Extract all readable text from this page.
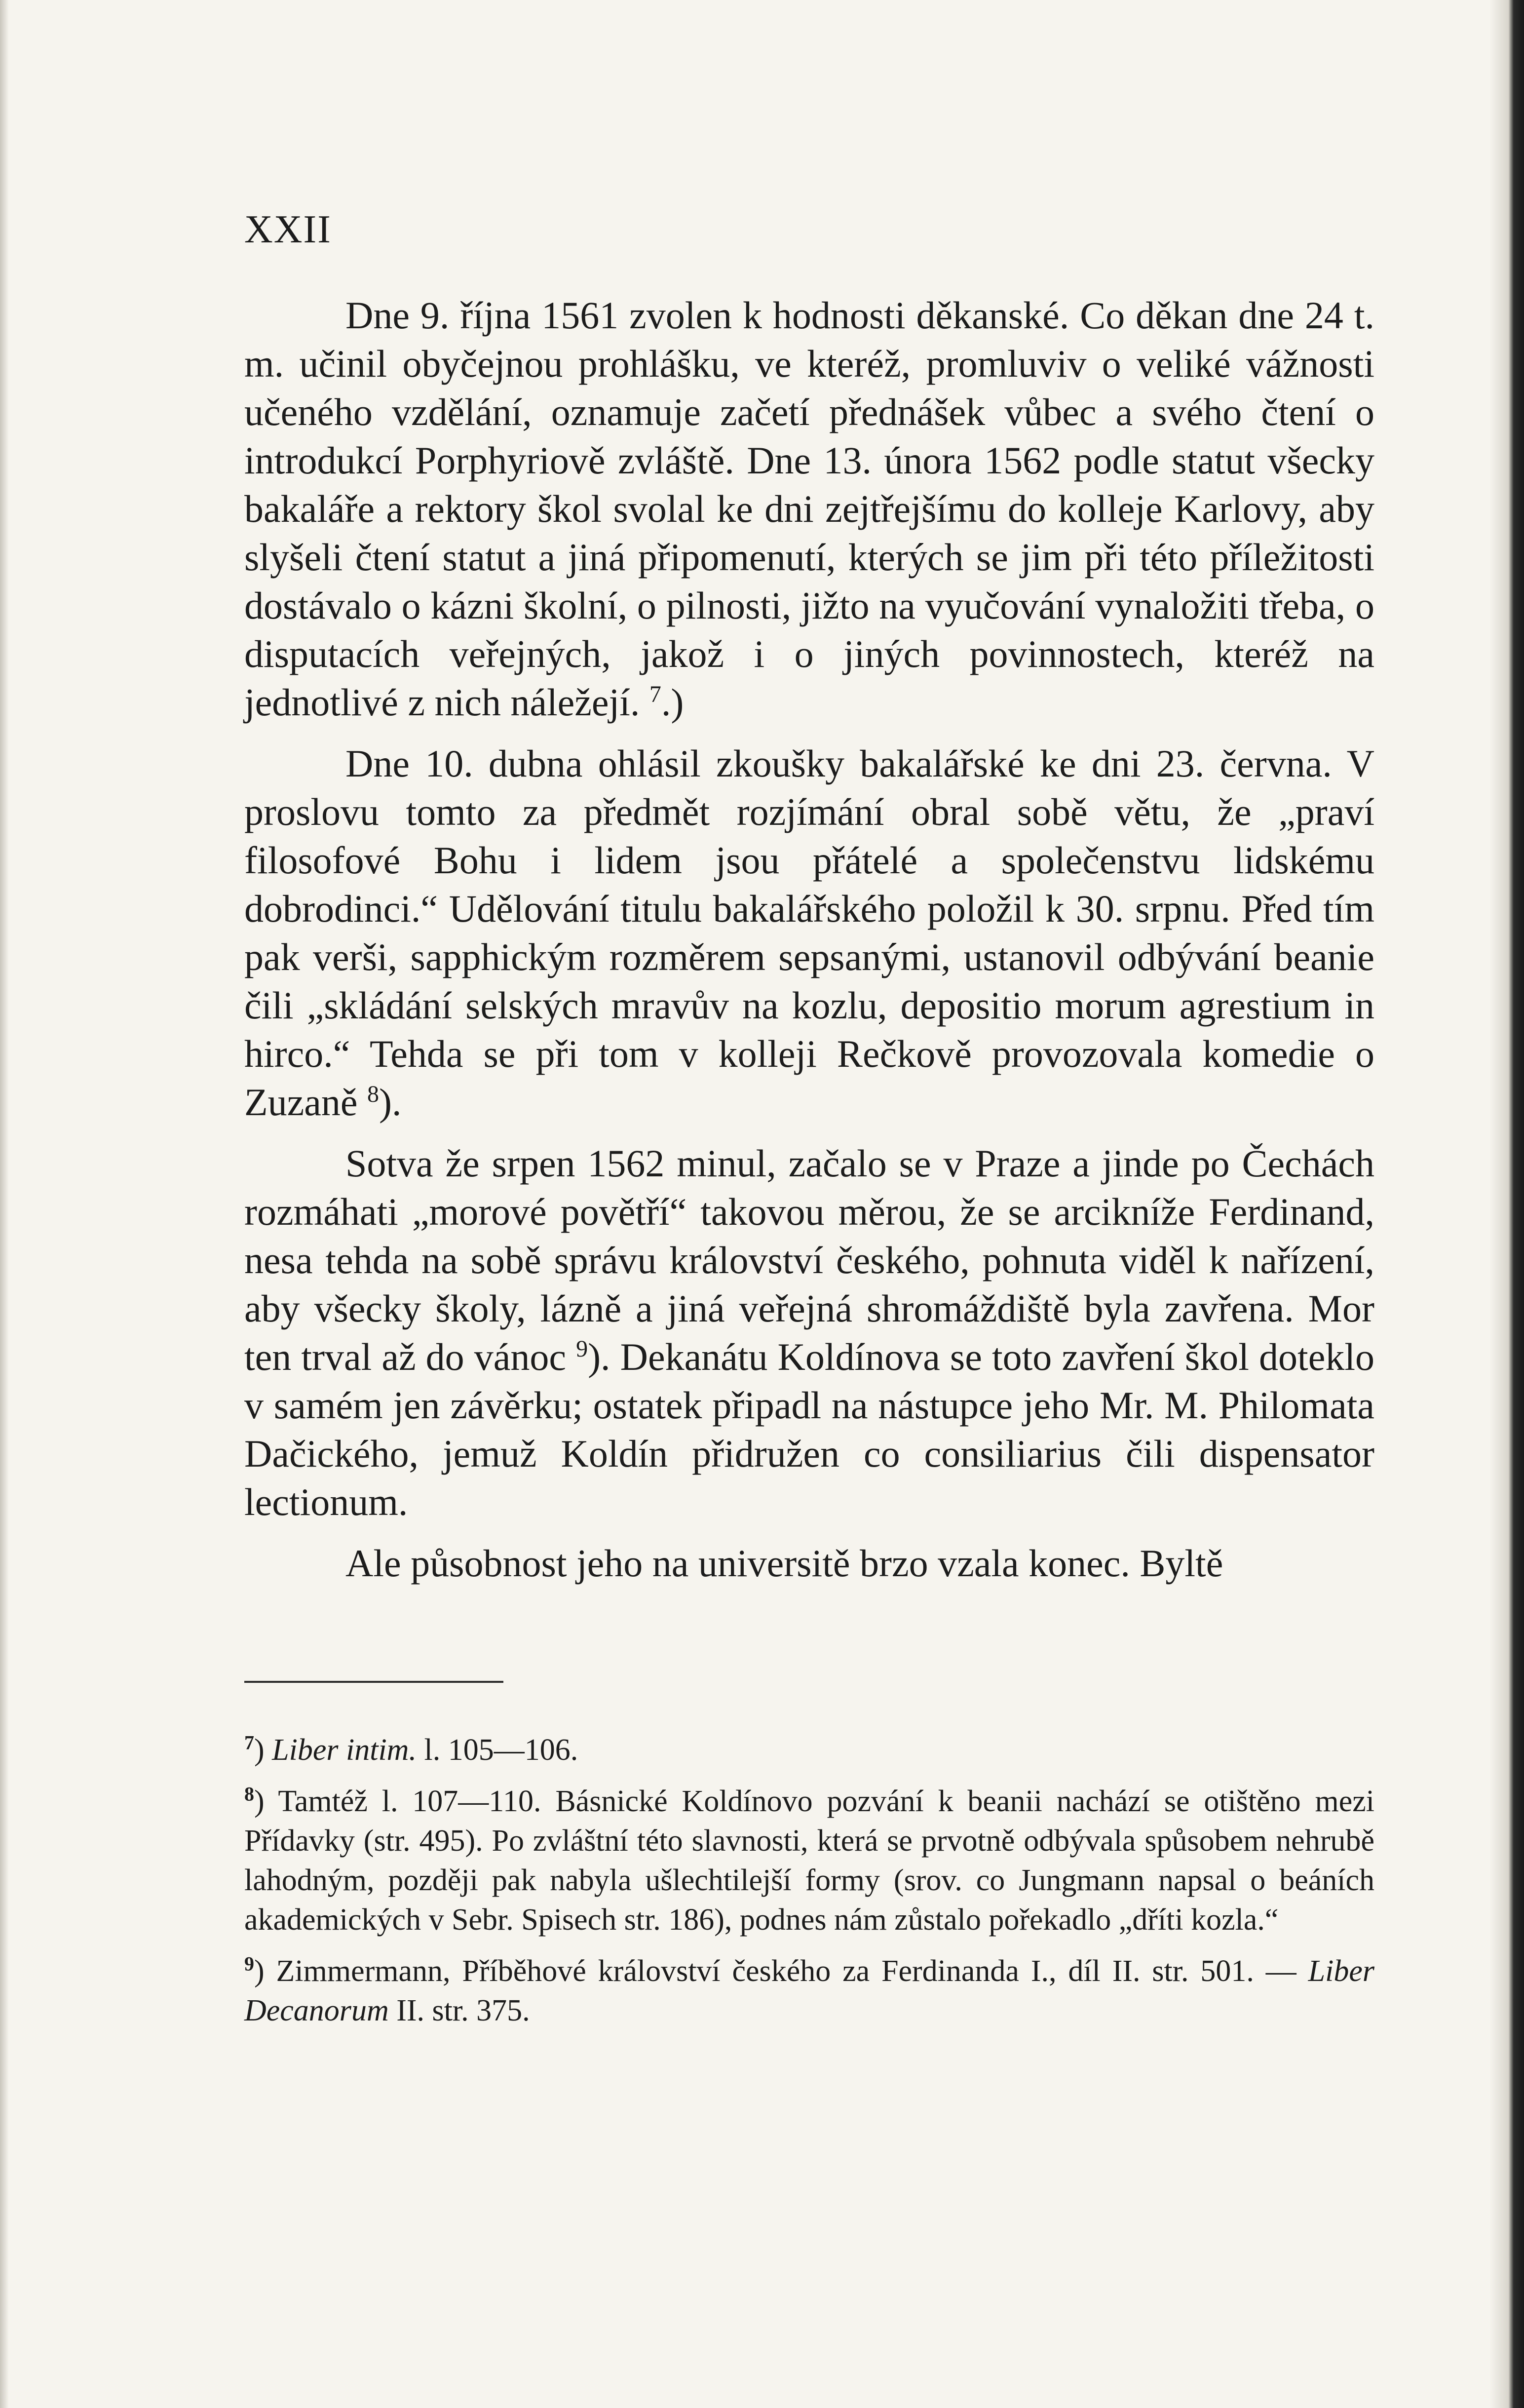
XXII

Dne 9. října 1561 zvolen k hodnosti děkanské. Co děkan dne 24 t. m. učinil obyčejnou prohlášku, ve kteréž, promluviv o veliké vážnosti učeného vzdělání, oznamuje začetí přednášek vůbec a svého čtení o introdukcí Porphyriově zvláště. Dne 13. února 1562 podle statut všecky bakaláře a rektory škol svolal ke dni zejtřejšímu do kolleje Karlovy, aby slyšeli čtení statut a jiná připomenutí, kterých se jim při této příležitosti dostávalo o kázni školní, o pilnosti, jižto na vyučování vynaložiti třeba, o disputacích veřejných, jakož i o jiných povinnostech, kteréž na jednotlivé z nich náležejí. $^7$.)

Dne 10. dubna ohlásil zkoušky bakalářské ke dni 23. června. V proslovu tomto za předmět rozjímání obral sobě větu, že „praví filosofové Bohu i lidem jsou přátelé a společenstvu lidskému dobrodinci.“ Udělování titulu bakalářského položil k 30. srpnu. Před tím pak verši, sapphickým rozměrem sepsanými, ustanovil odbývání beanie čili „skládání selských mravův na kozlu, depositio morum agrestium in hirco.“ Tehda se při tom v kolleji Rečkově provozovala komedie o Zuzaně $^8$).

Sotva že srpen 1562 minul, začalo se v Praze a jinde po Čechách rozmáhati „morové povětří“ takovou měrou, že se arcikníže Ferdinand, nesa tehda na sobě správu království českého, pohnuta viděl k nařízení, aby všecky školy, lázně a jiná veřejná shromáždiště byla zavřena. Mor ten trval až do vánoc $^9$). Dekanátu Koldínova se toto zavření škol doteklo v samém jen závěrku; ostatek připadl na nástupce jeho Mr. M. Philomata Dačického, jemuž Koldín přidružen co consiliarius čili dispensator lectionum.

Ale působnost jeho na universitě brzo vzala konec. Byltě

$^7$) Liber intim. l. 105—106.

$^8$) Tamtéž l. 107—110. Básnické Koldínovo pozvání k beanii nachází se otištěno mezi Přídavky (str. 495). Po zvláštní této slavnosti, která se prvotně odbývala spůsobem nehrubě lahodným, později pak nabyla ušlechtilejší formy (srov. co Jungmann napsal o beáních akademických v Sebr. Spisech str. 186), podnes nám zůstalo pořekadlo „dříti kozla.“

$^9$) Zimmermann, Příběhové království českého za Ferdinanda I., díl II. str. 501. — Liber Decanorum II. str. 375.
